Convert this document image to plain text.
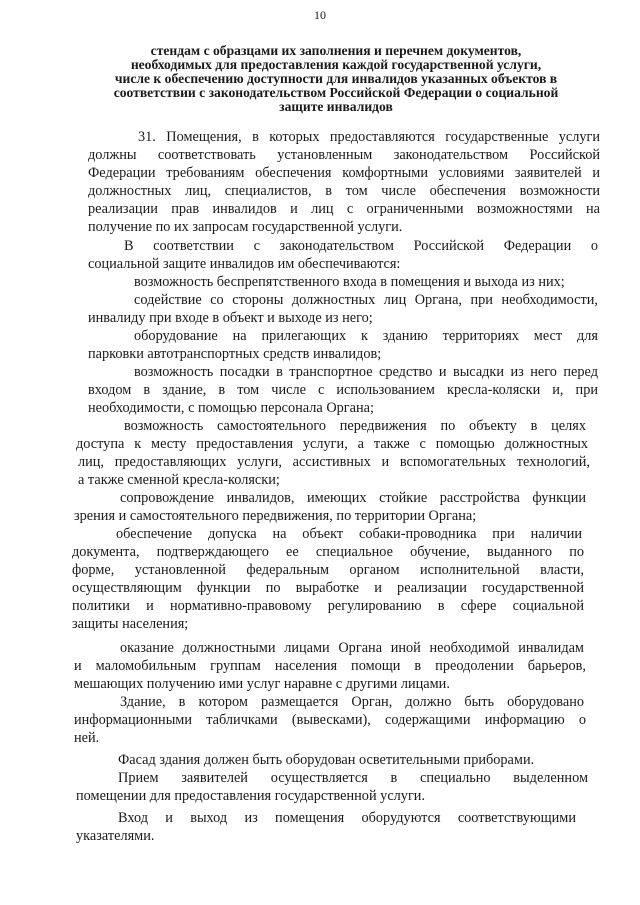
10
стендам с образцами их заполнения и перечнем документов,
необходимых для предоставления каждой государственной услуги,
числе к обеспечению доступности для инвалидов указанных объектов в
соответствии с законодательством Российской Федерации о социальной
защите инвалидов
31. Помещения, в которых предоставляются государственные услуги
должны соответствовать установленным законодательством Российской
Федерации требованиям обеспечения комфортными условиями заявителей и
должностных лиц, специалистов, в том числе обеспечения возможности
реализации прав инвалидов и лиц с ограниченными возможностями на
получение по их запросам государственной услуги.
В соответствии с законодательством Российской Федерации о
социальной защите инвалидов им обеспечиваются:
возможность беспрепятственного входа в помещения и выхода из них;
содействие со стороны должностных лиц Органа, при необходимости,
инвалиду при входе в объект и выходе из него;
оборудование на прилегающих к зданию территориях мест для
парковки автотранспортных средств инвалидов;
возможность посадки в транспортное средство и высадки из него перед
входом в здание, в том числе с использованием кресла-коляски и, при
необходимости, с помощью персонала Органа;
возможность самостоятельного передвижения по объекту в целях
доступа к месту предоставления услуги, а также с помощью должностных
лиц, предоставляющих услуги, ассистивных и вспомогательных технологий,
а также сменной кресла-коляски;
сопровождение инвалидов, имеющих стойкие расстройства функции
зрения и самостоятельного передвижения, по территории Органа;
обеспечение допуска на объект собаки-проводника при наличии
документа, подтверждающего ее специальное обучение, выданного по
форме, установленной федеральным органом исполнительной власти,
осуществляющим функции по выработке и реализации государственной
политики и нормативно-правовому регулированию в сфере социальной
защиты населения;
оказание должностными лицами Органа иной необходимой инвалидам
и маломобильным группам населения помощи в преодолении барьеров,
мешающих получению ими услуг наравне с другими лицами.
Здание, в котором размещается Орган, должно быть оборудовано
информационными табличками (вывесками), содержащими информацию о
ней.
Фасад здания должен быть оборудован осветительными приборами.
Прием заявителей осуществляется в специально выделенном
помещении для предоставления государственной услуги.
Вход и выход из помещения оборудуются соответствующими
указателями.
